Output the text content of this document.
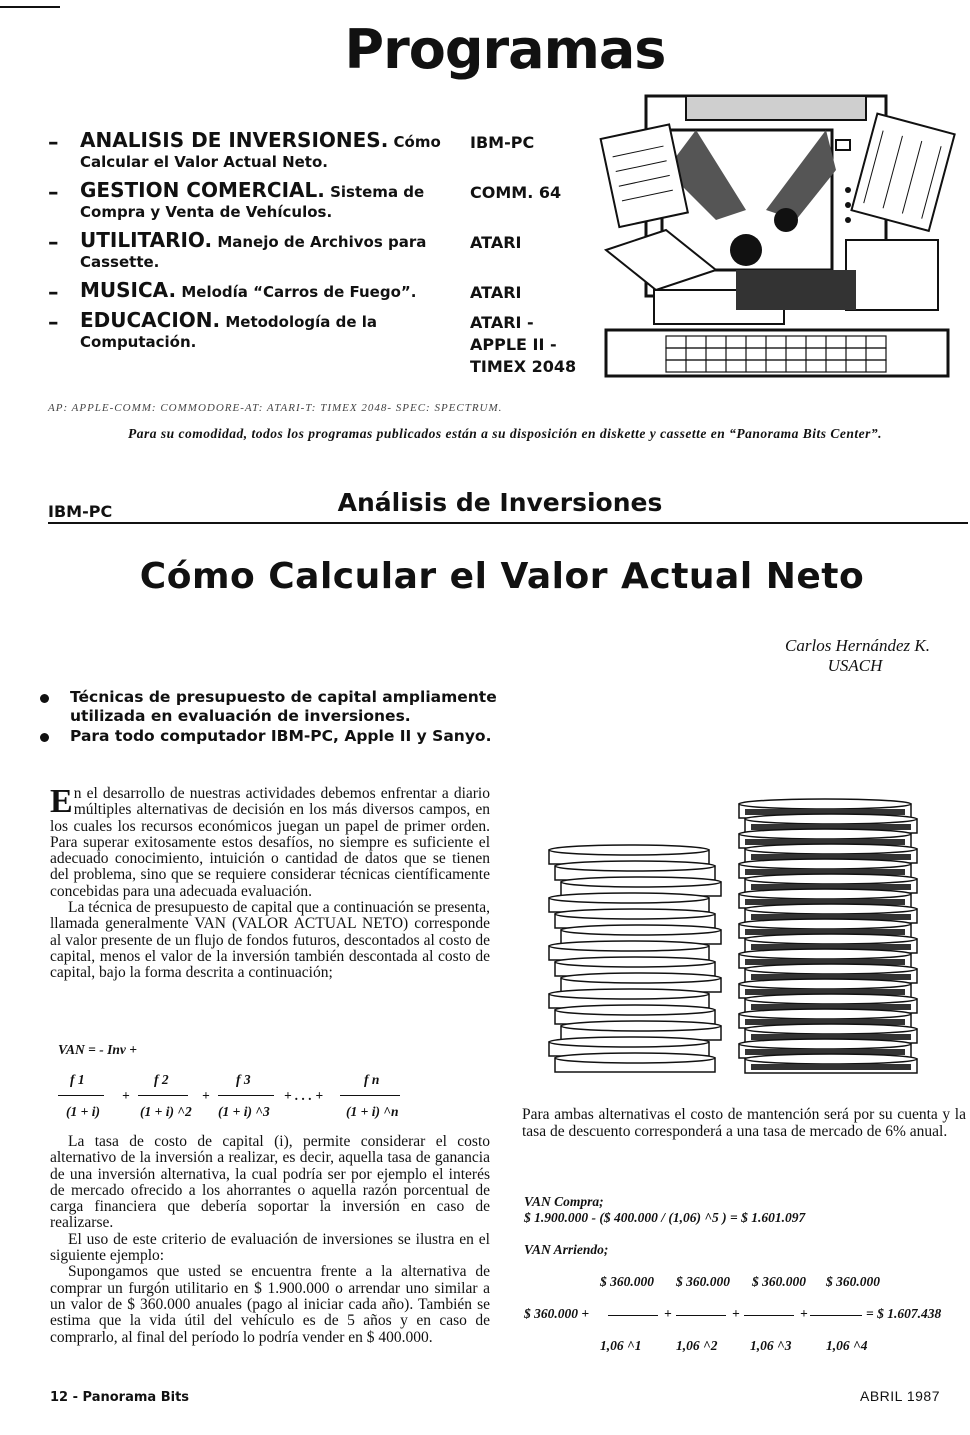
Programas
– ANALISIS DE INVERSIONES. Cómo Calcular el Valor Actual Neto.
IBM-PC
– GESTION COMERCIAL. Sistema de Compra y Venta de Vehículos.
COMM. 64
– UTILITARIO. Manejo de Archivos para Cassette.
ATARI
– MUSICA. Melodía “Carros de Fuego”.	ATARI
– EDUCACION. Metodología de la Computación.
ATARI - APPLE II - TIMEX 2048
AP: APPLE-COMM: COMMODORE-AT: ATARI-T: TIMEX 2048- SPEC: SPECTRUM.
Para su comodidad, todos los programas publicados están a su disposición en diskette y cassette en “Panorama Bits Center”.
IBM-PC	Análisis de Inversiones
Cómo Calcular el Valor Actual Neto
Carlos Hernández K.
USACH
Técnicas de presupuesto de capital ampliamente utilizada en evaluación de inversiones.
Para todo computador IBM-PC, Apple II y Sanyo.

En el desarrollo de nuestras actividades debemos enfrentar a diario múltiples alternativas de decisión en los más diversos campos, en los cuales los recursos económicos juegan un papel de primer orden. Para superar exitosamente estos desafíos, no siempre es suficiente el adecuado conocimiento, intuición o cantidad de datos que se tienen del problema, sino que se requiere considerar técnicas científicamente concebidas para una adecuada evaluación.

La técnica de presupuesto de capital que a continuación se presenta, llamada generalmente VAN (VALOR ACTUAL NETO) corresponde al valor presente de un flujo de fondos futuros, descontados al costo de capital, menos el valor de la inversión también descontada al costo de capital, bajo la forma descrita a continuación;

VAN = - Inv +
f 1	f 2	f 3	f n
+	+	+ . . . +
(1 + i)	(1 + i) ^2 (1 + i) ^3	(1 + i) ^n

La tasa de costo de capital (i), permite considerar el costo alternativo de la inversión a realizar, es decir, aquella tasa de ganancia de una inversión alternativa, la cual podría ser por ejemplo el interés de mercado ofrecido a los ahorrantes o aquella razón porcentual de carga financiera que debería soportar la inversión en caso de realizarse.

El uso de este criterio de evaluación de inversiones se ilustra en el siguiente ejemplo:

Supongamos que usted se encuentra frente a la alternativa de comprar un furgón utilitario en $ 1.900.000 o arrendar uno similar a un valor de $ 360.000 anuales (pago al iniciar cada año). También se estima que la vida útil del vehículo es de 5 años y en caso de comprarlo, al final del período lo podría vender en $ 400.000.

Para ambas alternativas el costo de mantención será por su cuenta y la tasa de descuento corresponderá a una tasa de mercado de 6% anual.
VAN Compra;
$ 1.900.000 - ($ 400.000 / (1,06) ^5 ) = $ 1.601.097
VAN Arriendo;
$ 360.000 $ 360.000 $ 360.000 $ 360.000
$ 360.000 +	+	+	+	= $ 1.607.438
1,06 ^1	1,06 ^2 1,06 ^3	1,06 ^4
12 - Panorama Bits	ABRIL 1987
